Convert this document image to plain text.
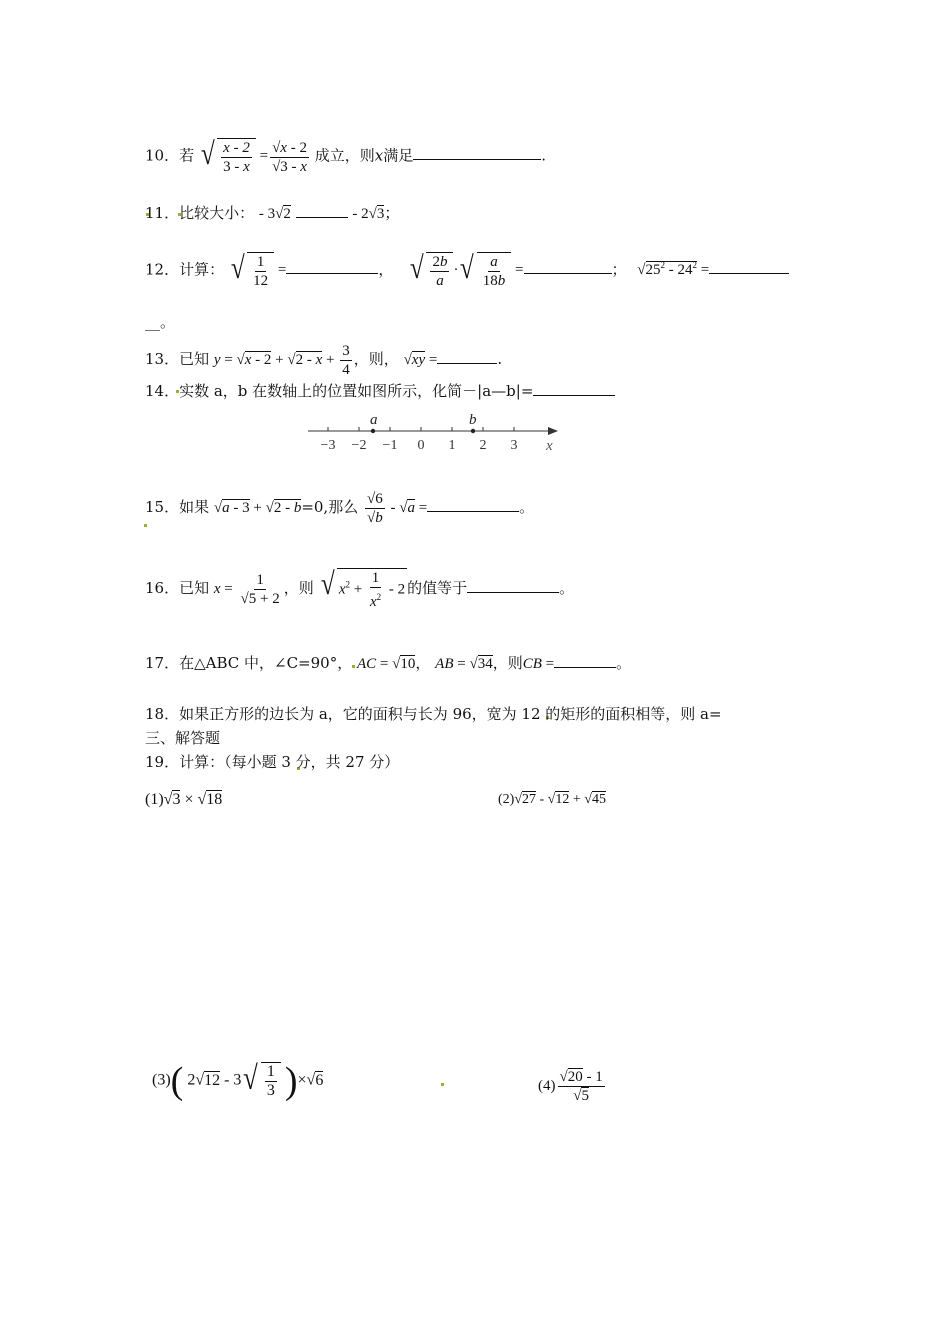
10．若 √ $\frac{x - 2}{3 - x} = \frac{√x - 2}{√3 - x}$ 成立，则x满足	.
11．比较大小： - 3√2	- 2√3；
12．计算： √ $\frac{1}{12}$ =	， √ $\frac{2b}{a}$ · √ $\frac{a}{18b}$ =	； $√25^2 - 24^2$ =
__。
13．已知 $y = √x - 2 + √2 - x + \frac{3}{4}$ ，则， √xy =	.
14．实数 a，b 在数轴上的位置如图所示，化简－|a—b|=
−3 −2 −1 0 1 2 3
a	b
x
15．如果 √a - 3 + √2 - b=0,那么 $\frac{√6}{√b} - √a$ =	。
16．已知 $x = \frac{1}{√5 + 2}$ ，则 √ $x^2 + \frac{1}{x^2} - 2$ 的值等于	。
17．在△ABC 中，∠C=90°， AC = √10， AB = √34，则CB =	。
18．如果正方形的边长为 a，它的面积与长为 96，宽为 12 的矩形的面积相等，则 a=
三、解答题
19．计算：（每小题 3 分，共 27 分）
(1)√3 × √18	(2)√27 - √12 + √45
(3)( 2√12 - 3 √ $\frac{1}{3} )\times√6$	$(4) \frac{√20 - 1}{√5}$
